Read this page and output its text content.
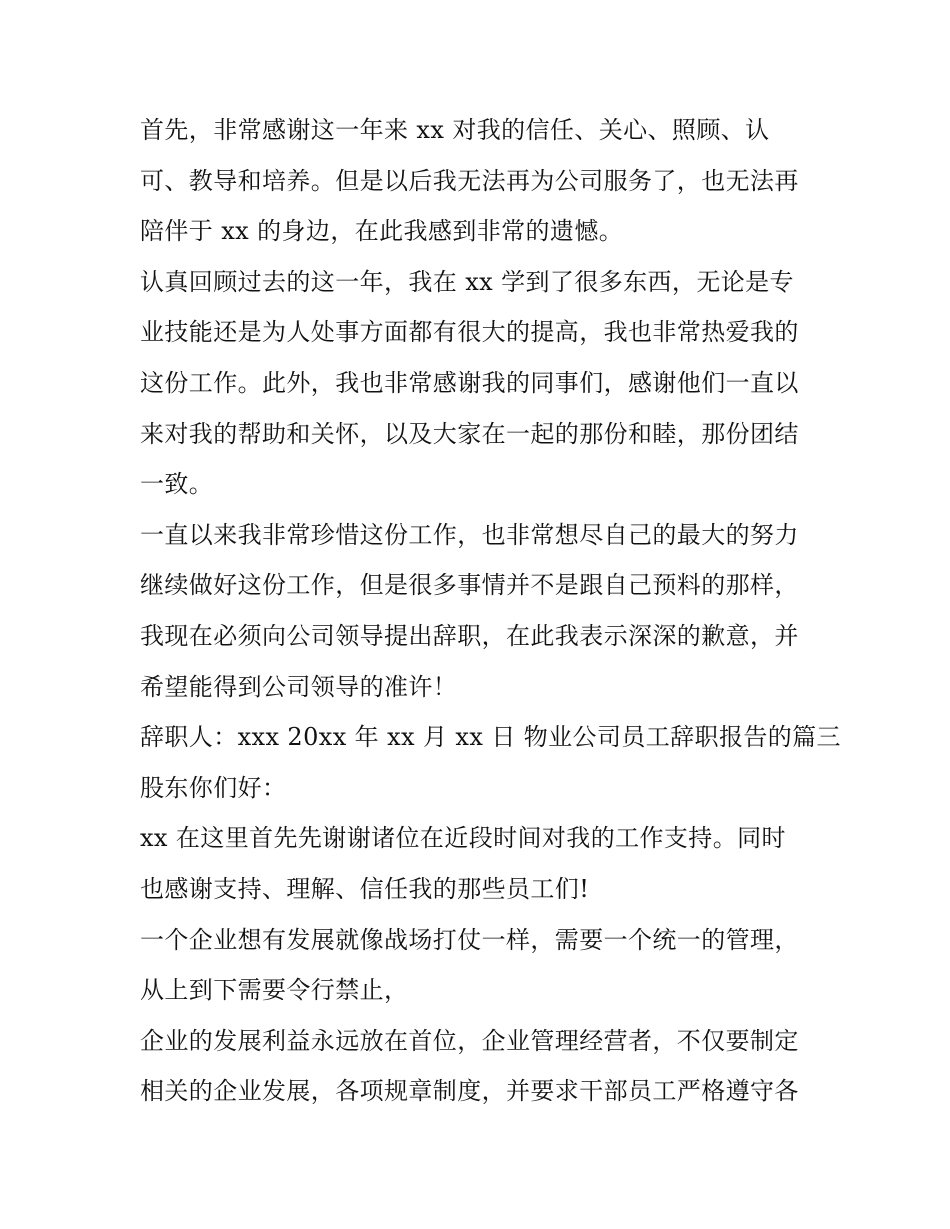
首先，非常感谢这一年来 xx 对我的信任、关心、照顾、认
可、教导和培养。但是以后我无法再为公司服务了，也无法再
陪伴于 xx 的身边，在此我感到非常的遗憾。
认真回顾过去的这一年，我在 xx 学到了很多东西，无论是专
业技能还是为人处事方面都有很大的提高，我也非常热爱我的
这份工作。此外，我也非常感谢我的同事们，感谢他们一直以
来对我的帮助和关怀，以及大家在一起的那份和睦，那份团结
一致。
一直以来我非常珍惜这份工作，也非常想尽自己的最大的努力
继续做好这份工作，但是很多事情并不是跟自己预料的那样，
我现在必须向公司领导提出辞职，在此我表示深深的歉意，并
希望能得到公司领导的准许！
辞职人：xxx 20xx 年 xx 月 xx 日 物业公司员工辞职报告的篇三
股东你们好：
xx 在这里首先先谢谢诸位在近段时间对我的工作支持。同时
也感谢支持、理解、信任我的那些员工们!
一个企业想有发展就像战场打仗一样，需要一个统一的管理，
从上到下需要令行禁止，
企业的发展利益永远放在首位，企业管理经营者，不仅要制定
相关的企业发展，各项规章制度，并要求干部员工严格遵守各
